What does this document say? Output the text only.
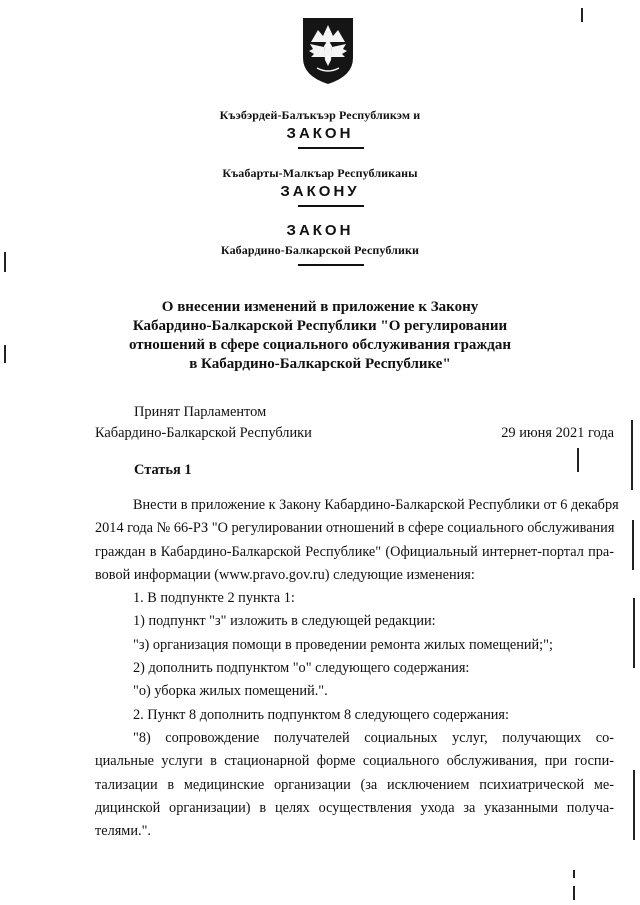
Къэбэрдей-Балъкъэр Республикэм и
ЗАКОН
Къабарты-Малкъар Республиканы
ЗАКОНУ
ЗАКОН
Кабардино-Балкарской Республики
О внесении изменений в приложение к Закону
Кабардино-Балкарской Республики "О регулировании
отношений в сфере социального обслуживания граждан
в Кабардино-Балкарской Республике"
Принят Парламентом
Кабардино-Балкарской Республики	29 июня 2021 года
Статья 1
Внести в приложение к Закону Кабардино-Балкарской Республики от 6 декабря
2014 года № 66-РЗ "О регулировании отношений в сфере социального обслуживания
граждан в Кабардино-Балкарской Республике" (Официальный интернет-портал пра-
вовой информации (www.pravo.gov.ru) следующие изменения:
1. В подпункте 2 пункта 1:
1) подпункт "з" изложить в следующей редакции:
"з) организация помощи в проведении ремонта жилых помещений;";
2) дополнить подпунктом "о" следующего содержания:
"о) уборка жилых помещений.".
2. Пункт 8 дополнить подпунктом 8 следующего содержания:
"8) сопровождение получателей социальных услуг, получающих со-
циальные услуги в стационарной форме социального обслуживания, при госпи-
тализации в медицинские организации (за исключением психиатрической ме-
дицинской организации) в целях осуществления ухода за указанными получа-
телями.".
